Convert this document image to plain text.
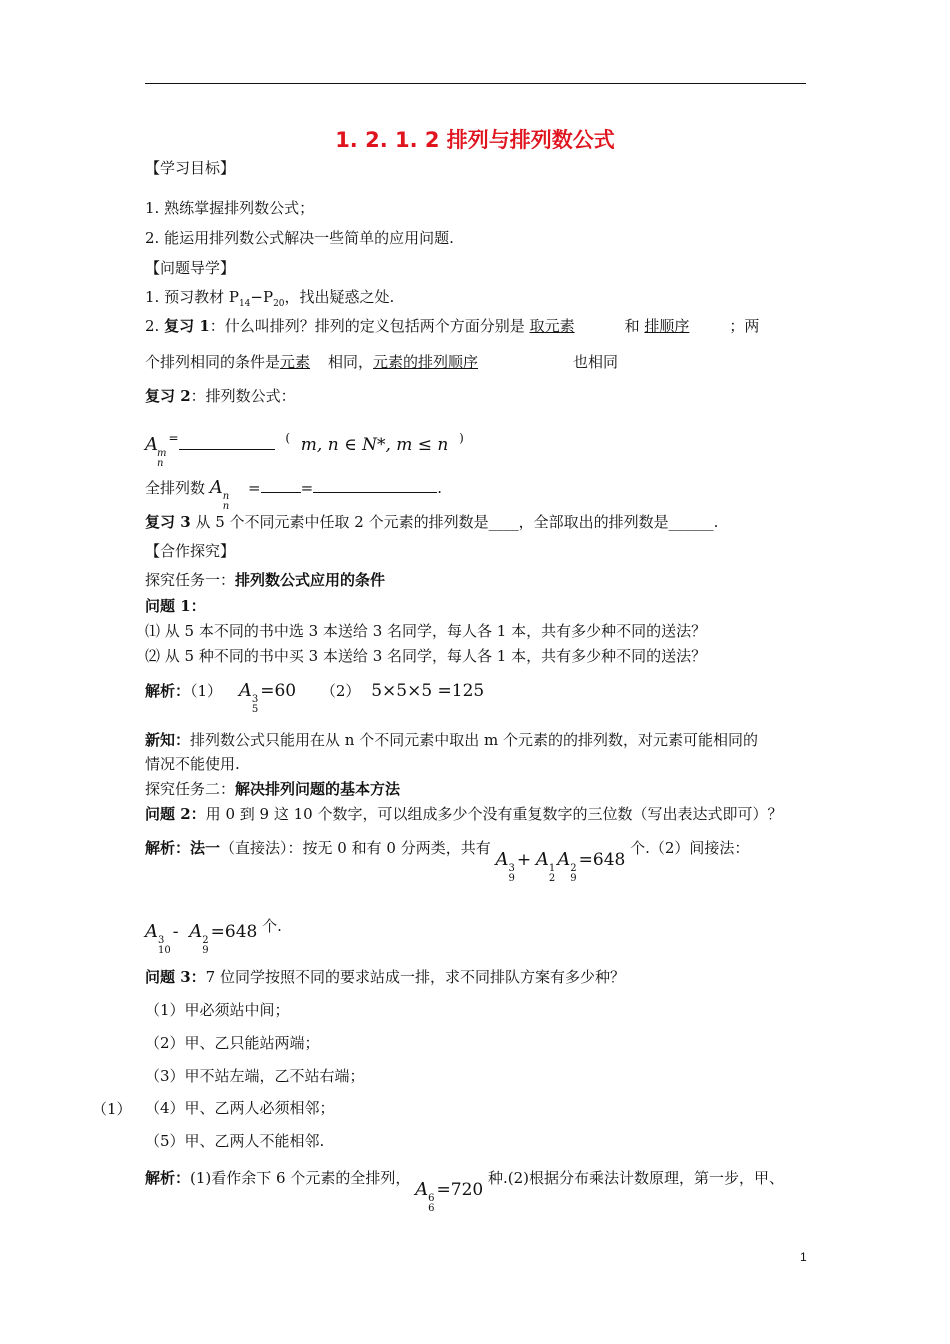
1. 2. 1. 2 排列与排列数公式
【学习目标】
1. 熟练掌握排列数公式；
2. 能运用排列数公式解决一些简单的应用问题.
【问题导学】
1. 预习教材 $P_{14}-P_{20}$，找出疑惑之处.
2. 复习 1：什么叫排列？排列的定义包括两个方面分别是 取元素	和 排顺序	；两
个排列相同的条件是元素 相同，元素的排列顺序	也相同
复习 2：排列数公式：
A m
n
=	( m, n ∈ N*, m ≤ n )
全排列数 A n
n
=	=	.
复习 3 从 5 个不同元素中任取 2 个元素的排列数是____，全部取出的排列数是______.
【合作探究】
探究任务一：排列数公式应用的条件
问题 1：
⑴ 从 5 本不同的书中选 3 本送给 3 名同学，每人各 1 本，共有多少种不同的送法？
⑵ 从 5 种不同的书中买 3 本送给 3 名同学，每人各 1 本，共有多少种不同的送法？
解析：（1） A 3
5
=60 （2） 5×5×5 =125
新知：排列数公式只能用在从 n 个不同元素中取出 m 个元素的的排列数，对元素可能相同的
情况不能使用.
探究任务二：解决排列问题的基本方法
问题 2：用 0 到 9 这 10 个数字，可以组成多少个没有重复数字的三位数（写出表达式即可）？
解析：法一（直接法）：按无 0 和有 0 分两类，共有 A 3
9
+ A 1
2
A 2
9
=648 个.（2）间接法：
A 3
10
- A 2
9
=648 个.
问题 3：7 位同学按照不同的要求站成一排，求不同排队方案有多少种？
（1）甲必须站中间；
（2）甲、乙只能站两端；
（3）甲不站左端，乙不站右端；
（1） （4）甲、乙两人必须相邻；
（5）甲、乙两人不能相邻.
解析：(1)看作余下 6 个元素的全排列， A 6
6
=720 种.(2)根据分布乘法计数原理，第一步，甲、
1
